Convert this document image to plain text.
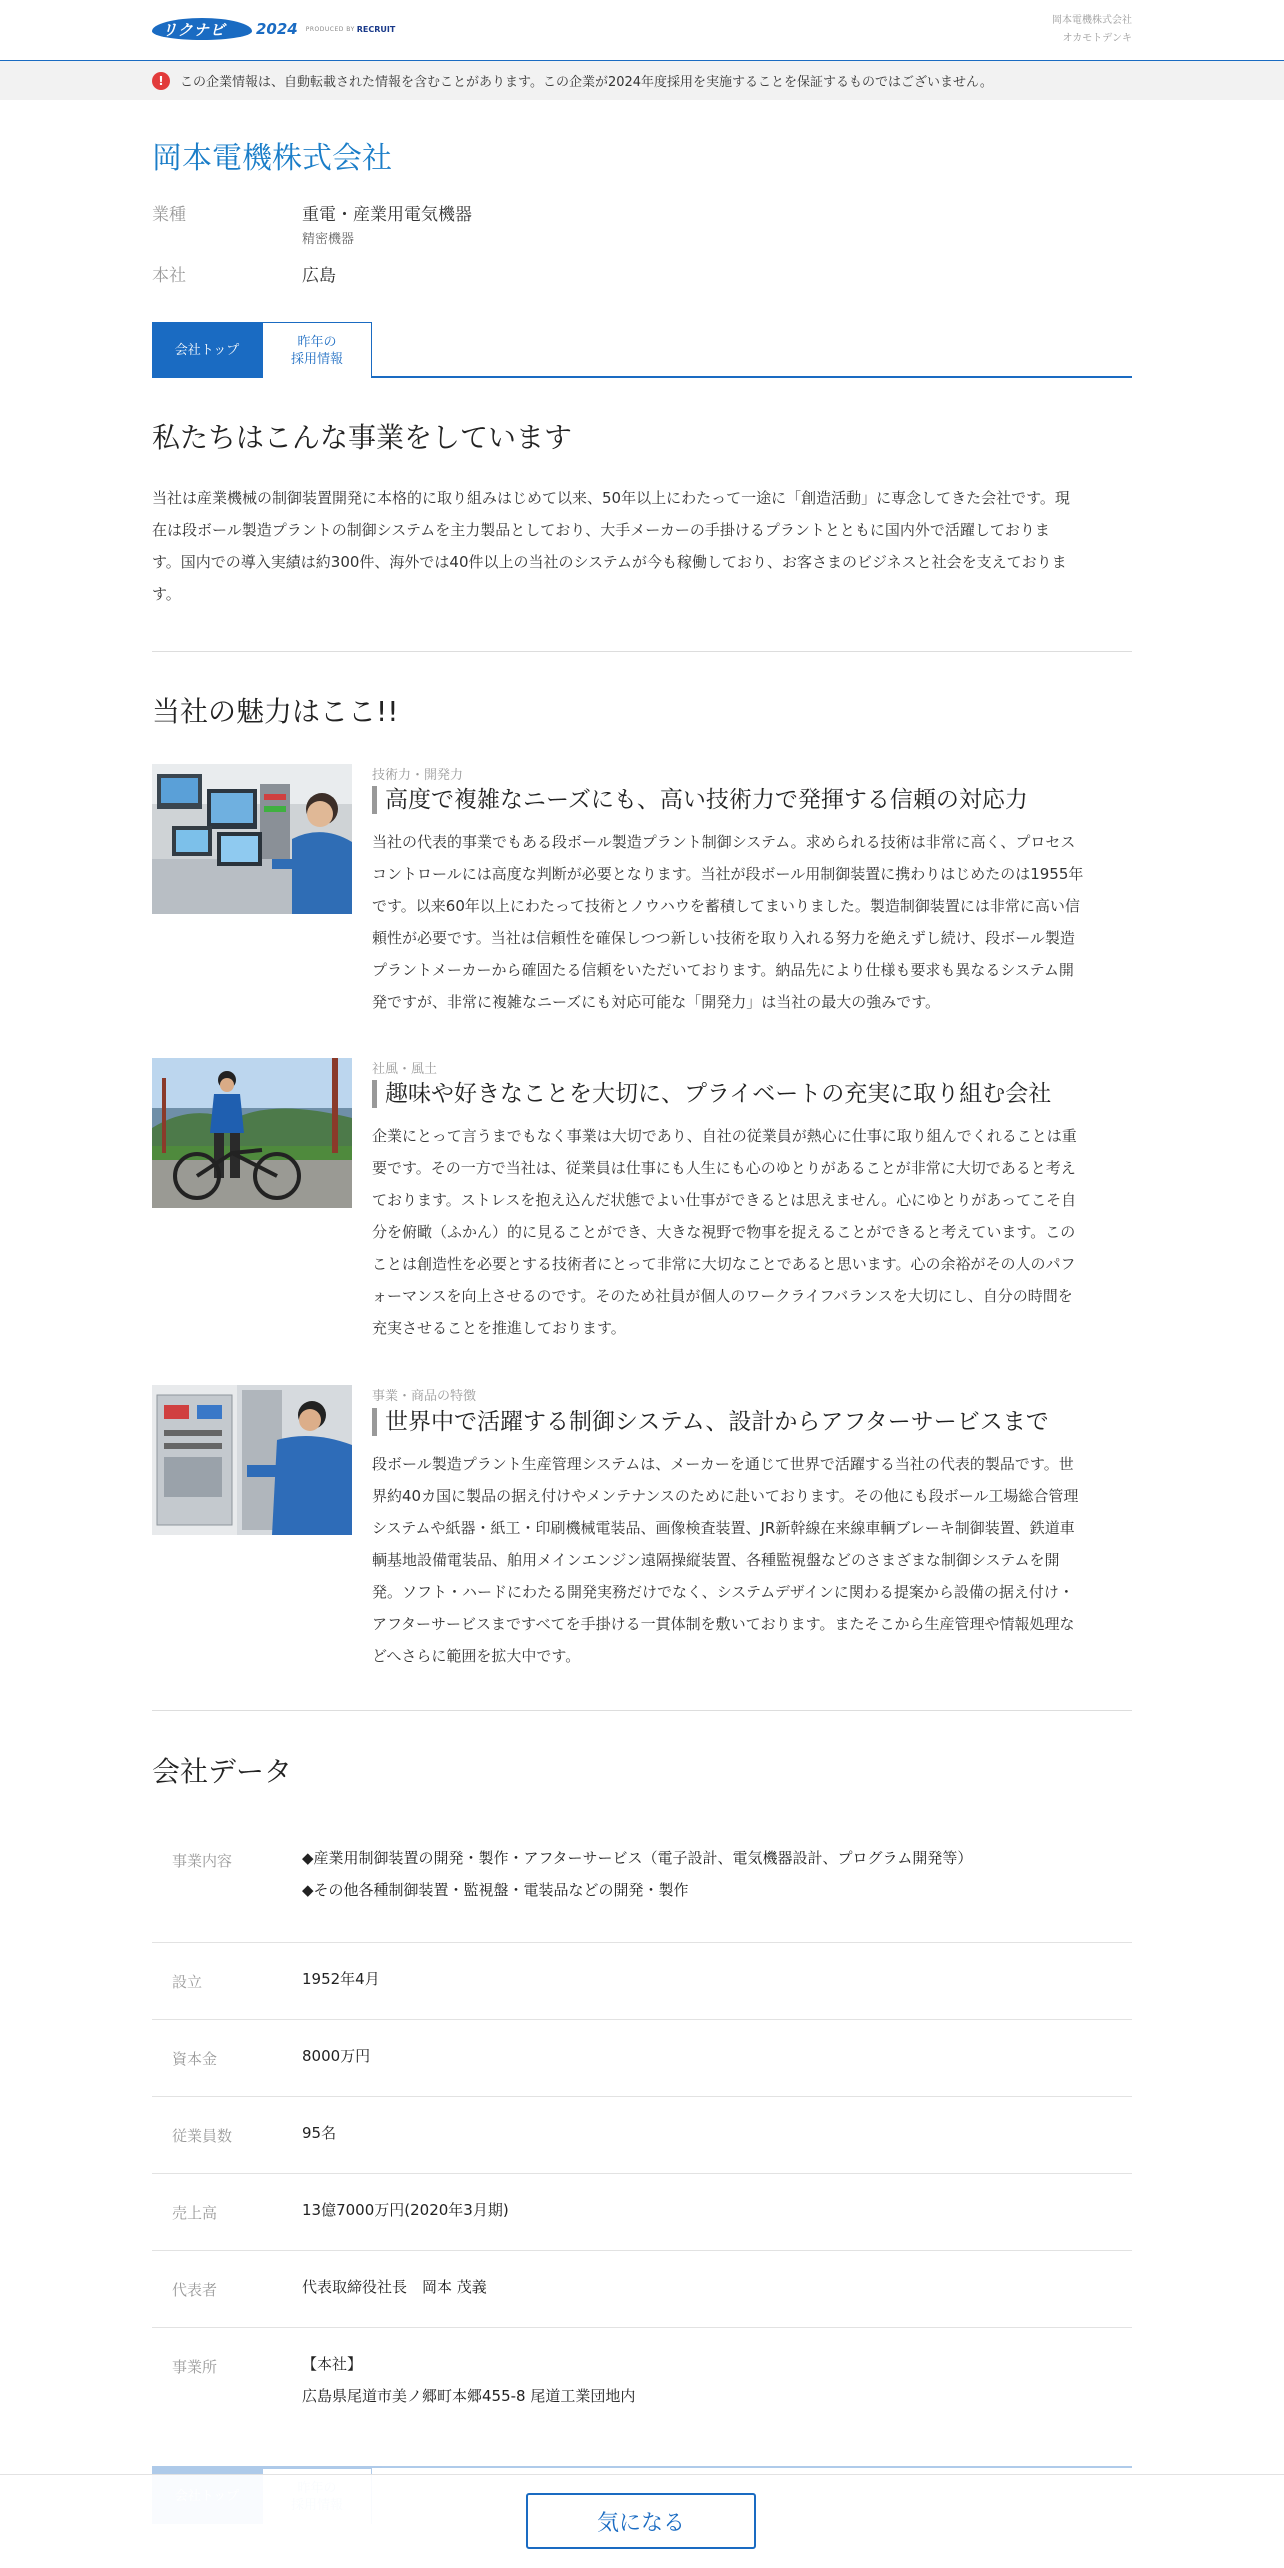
リクナビ	2024 PRODUCED BY RECRUIT
岡本電機株式会社
オカモトデンキ
!	この企業情報は、自動転載された情報を含むことがあります。この企業が2024年度採用を実施することを保証するものではございません。
岡本電機株式会社
業種	重電・産業用電気機器
精密機器
本社	広島
会社トップ
昨年の
採用情報
私たちはこんな事業をしています
当社は産業機械の制御装置開発に本格的に取り組みはじめて以来、50年以上にわたって一途に「創造活動」に専念してきた会社です。現
在は段ボール製造プラントの制御システムを主力製品としており、大手メーカーの手掛けるプラントとともに国内外で活躍しておりま
す。国内での導入実績は約300件、海外では40件以上の当社のシステムが今も稼働しており、お客さまのビジネスと社会を支えておりま
す。
当社の魅力はここ!!
技術力・開発力
高度で複雑なニーズにも、高い技術力で発揮する信頼の対応力
当社の代表的事業でもある段ボール製造プラント制御システム。求められる技術は非常に高く、プロセス
コントロールには高度な判断が必要となります。当社が段ボール用制御装置に携わりはじめたのは1955年
です。以来60年以上にわたって技術とノウハウを蓄積してまいりました。製造制御装置には非常に高い信
頼性が必要です。当社は信頼性を確保しつつ新しい技術を取り入れる努力を絶えずし続け、段ボール製造
プラントメーカーから確固たる信頼をいただいております。納品先により仕様も要求も異なるシステム開
発ですが、非常に複雑なニーズにも対応可能な「開発力」は当社の最大の強みです。
社風・風土
趣味や好きなことを大切に、プライベートの充実に取り組む会社
企業にとって言うまでもなく事業は大切であり、自社の従業員が熱心に仕事に取り組んでくれることは重
要です。その一方で当社は、従業員は仕事にも人生にも心のゆとりがあることが非常に大切であると考え
ております。ストレスを抱え込んだ状態でよい仕事ができるとは思えません。心にゆとりがあってこそ自
分を俯瞰（ふかん）的に見ることができ、大きな視野で物事を捉えることができると考えています。この
ことは創造性を必要とする技術者にとって非常に大切なことであると思います。心の余裕がその人のパフ
ォーマンスを向上させるのです。そのため社員が個人のワークライフバランスを大切にし、自分の時間を
充実させることを推進しております。
事業・商品の特徴
世界中で活躍する制御システム、設計からアフターサービスまで
段ボール製造プラント生産管理システムは、メーカーを通じて世界で活躍する当社の代表的製品です。世
界約40カ国に製品の据え付けやメンテナンスのために赴いております。その他にも段ボール工場総合管理
システムや紙器・紙工・印刷機械電装品、画像検査装置、JR新幹線在来線車輌ブレーキ制御装置、鉄道車
輌基地設備電装品、舶用メインエンジン遠隔操縦装置、各種監視盤などのさまざまな制御システムを開
発。ソフト・ハードにわたる開発実務だけでなく、システムデザインに関わる提案から設備の据え付け・
アフターサービスまですべてを手掛ける一貫体制を敷いております。またそこから生産管理や情報処理な
どへさらに範囲を拡大中です。
会社データ
事業内容	◆産業用制御装置の開発・製作・アフターサービス（電子設計、電気機器設計、プログラム開発等）
◆その他各種制御装置・監視盤・電装品などの開発・製作
設立	1952年4月
資本金	8000万円
従業員数	95名
売上高	13億7000万円(2020年3月期)
代表者	代表取締役社長　岡本 茂義
事業所	【本社】
広島県尾道市美ノ郷町本郷455-8 尾道工業団地内

気になる
